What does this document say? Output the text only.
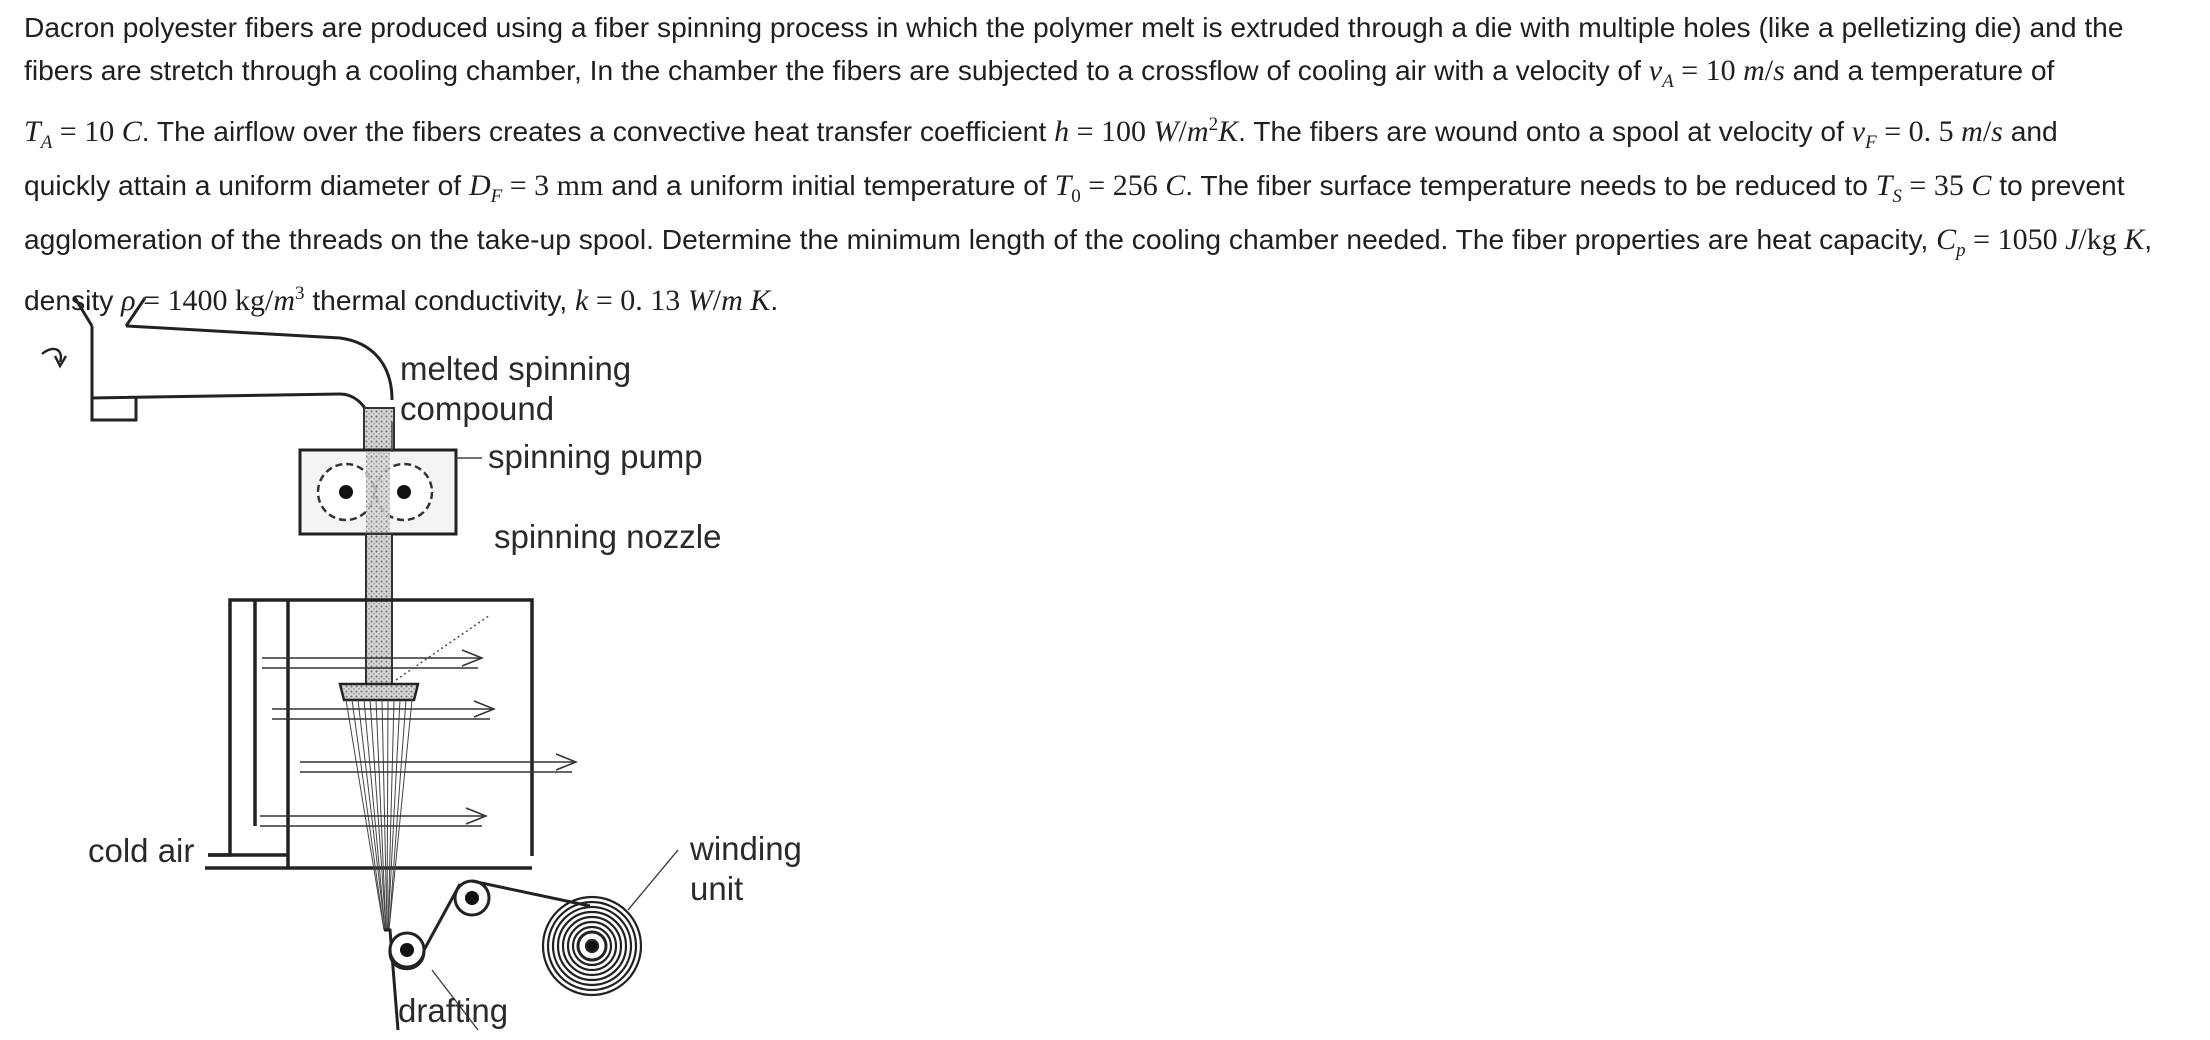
Dacron polyester fibers are produced using a fiber spinning process in which the polymer melt is extruded through a die with multiple holes (like a pelletizing die) and the
fibers are stretch through a cooling chamber, In the chamber the fibers are subjected to a crossflow of cooling air with a velocity of $v_A = 10$ m/s and a temperature of
$T_A = 10$ C. The airflow over the fibers creates a convective heat transfer coefficient h = 100 $W/m^2K$. The fibers are wound onto a spool at velocity of $v_F = 0$. 5 m/s and
quickly attain a uniform diameter of $D_F = 3$ mm and a uniform initial temperature of $T_0 = 256$ C. The fiber surface temperature needs to be reduced to $T_S = 35$ C to prevent
agglomeration of the threads on the take-up spool. Determine the minimum length of the cooling chamber needed. The fiber properties are heat capacity, $C_p = 1050$ J/kg K,
density ρ = 1400 $kg/m^3$ thermal conductivity, k = 0. 13 W/m K.
melted spinning
compound
spinning pump
spinning nozzle
cold air	winding
unit
drafting
